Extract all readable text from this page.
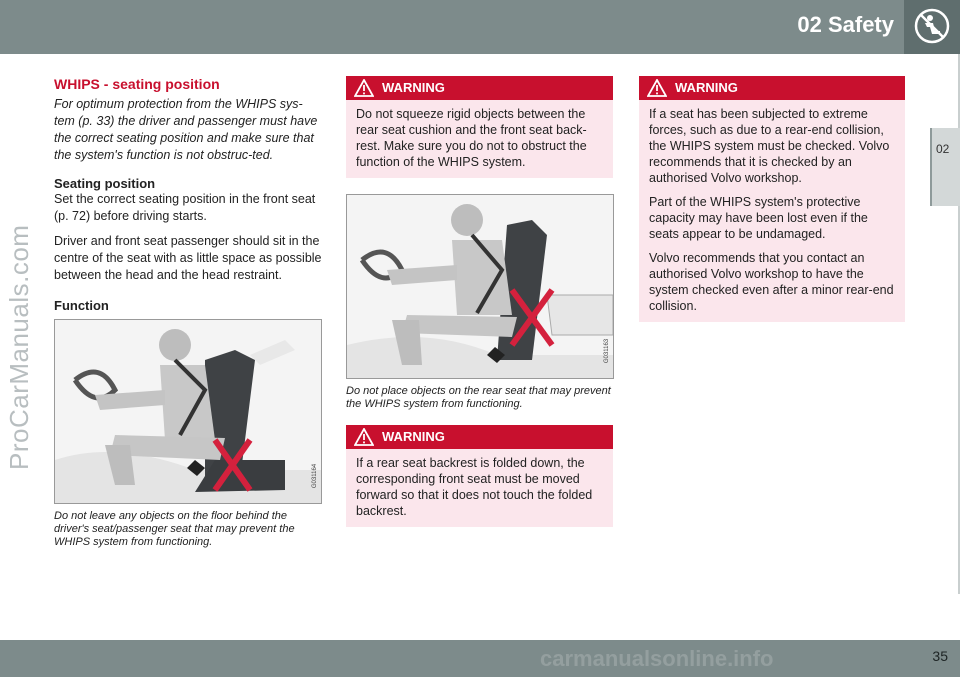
02 Safety
02
ProCarManuals.com
WHIPS - seating position

For optimum protection from the WHIPS sys-tem (p. 33) the driver and passenger must have the correct seating position and make sure that the system's function is not obstruc-ted.

Seating position

Set the correct seating position in the front seat (p. 72) before driving starts.

Driver and front seat passenger should sit in the centre of the seat with as little space as possible between the head and the head restraint.

Function
G031164

Do not leave any objects on the floor behind the driver's seat/passenger seat that may prevent the WHIPS system from functioning.

WARNING
Do not squeeze rigid objects between the rear seat cushion and the front seat back-rest. Make sure you do not to obstruct the function of the WHIPS system.
G031163

Do not place objects on the rear seat that may prevent the WHIPS system from functioning.

WARNING
If a rear seat backrest is folded down, the corresponding front seat must be moved forward so that it does not touch the folded backrest.
WARNING

If a seat has been subjected to extreme forces, such as due to a rear-end collision, the WHIPS system must be checked. Volvo recommends that it is checked by an authorised Volvo workshop.

Part of the WHIPS system's protective capacity may have been lost even if the seats appear to be undamaged.

Volvo recommends that you contact an authorised Volvo workshop to have the system checked even after a minor rear-end collision.

35
carmanualsonline.info
